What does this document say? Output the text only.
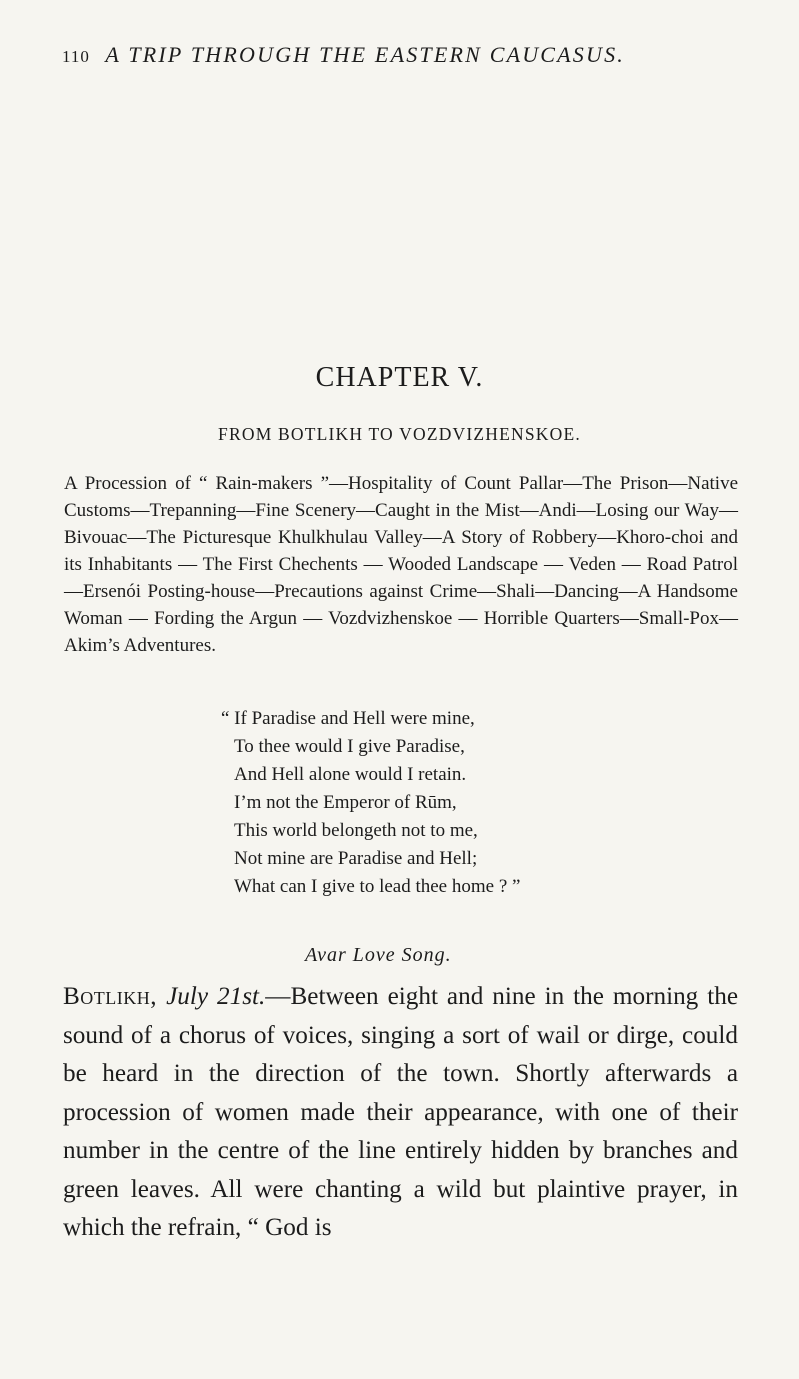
110 A TRIP THROUGH THE EASTERN CAUCASUS.
CHAPTER V.
FROM BOTLIKH TO VOZDVIZHENSKOE.
A Procession of “ Rain-makers ”—Hospitality of Count Pallar—The Prison—Native Customs—Trepanning—Fine Scenery—Caught in the Mist—Andi—Losing our Way—Bivouac—The Picturesque Khulkhulau Valley—A Story of Robbery—Khoro-choi and its Inhabitants — The First Chechents — Wooded Landscape — Veden — Road Patrol—Ersenói Posting-house—Precautions against Crime—Shali—Dancing—A Handsome Woman — Fording the Argun — Vozdvizhenskoe — Horrible Quarters—Small-Pox—Akim’s Adventures.
“ If Paradise and Hell were mine,
To thee would I give Paradise,
And Hell alone would I retain.
I’m not the Emperor of Rūm,
This world belongeth not to me,
Not mine are Paradise and Hell;
What can I give to lead thee home ? ”
Avar Love Song.
Botlikh, July 21st.—Between eight and nine in the morning the sound of a chorus of voices, singing a sort of wail or dirge, could be heard in the direction of the town. Shortly afterwards a procession of women made their appearance, with one of their number in the centre of the line entirely hidden by branches and green leaves. All were chanting a wild but plaintive prayer, in which the refrain, “ God is
